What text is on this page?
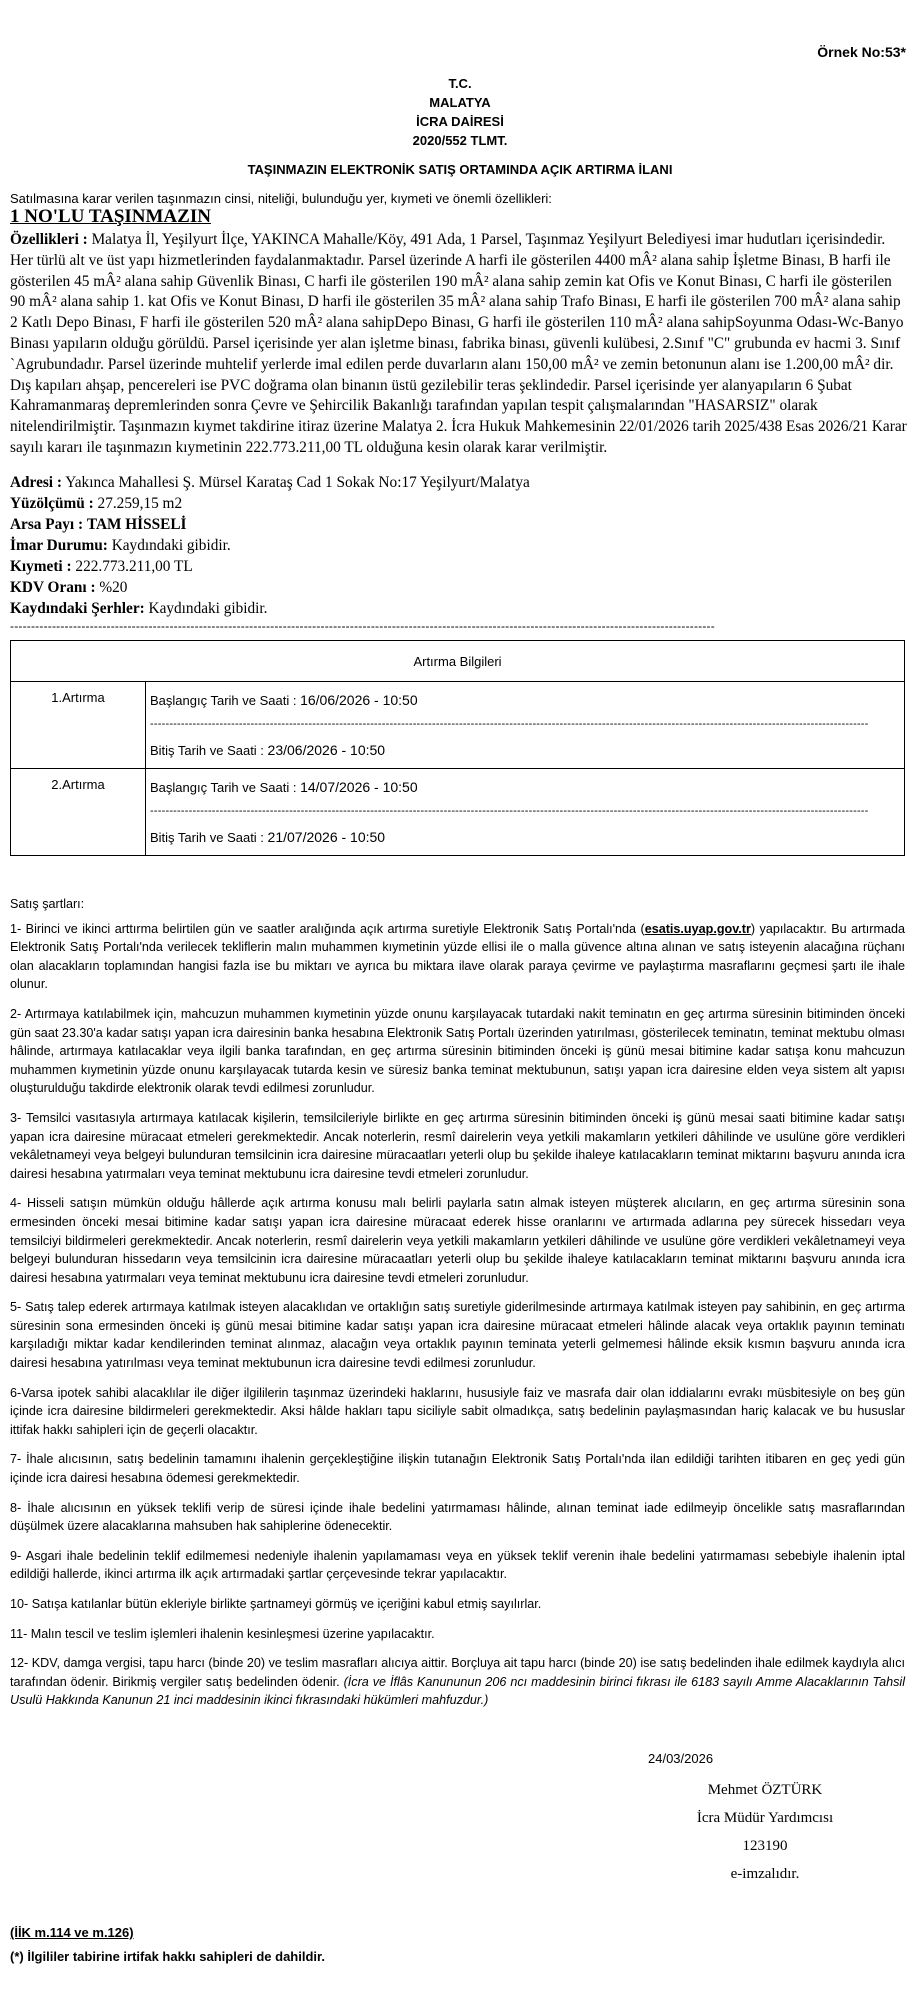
Örnek No:53*
T.C.
MALATYA
İCRA DAİRESİ
2020/552 TLMT.
TAŞINMAZIN ELEKTRONİK SATIŞ ORTAMINDA AÇIK ARTIRMA İLANI
Satılmasına karar verilen taşınmazın cinsi, niteliği, bulunduğu yer, kıymeti ve önemli özellikleri:
1 NO'LU TAŞINMAZIN
Özellikleri : Malatya İl, Yeşilyurt İlçe, YAKINCA Mahalle/Köy, 491 Ada, 1 Parsel, Taşınmaz Yeşilyurt Belediyesi imar hudutları içerisindedir. Her türlü alt ve üst yapı hizmetlerinden faydalanmaktadır. Parsel üzerinde A harfi ile gösterilen 4400 mÂ² alana sahip İşletme Binası, B harfi ile gösterilen 45 mÂ² alana sahip Güvenlik Binası, C harfi ile gösterilen 190 mÂ² alana sahip zemin kat Ofis ve Konut Binası, C harfi ile gösterilen 90 mÂ² alana sahip 1. kat Ofis ve Konut Binası, D harfi ile gösterilen 35 mÂ² alana sahip Trafo Binası, E harfi ile gösterilen 700 mÂ² alana sahip 2 Katlı Depo Binası, F harfi ile gösterilen 520 mÂ² alana sahipDepo Binası, G harfi ile gösterilen 110 mÂ² alana sahipSoyunma Odası-Wc-Banyo Binası yapıların olduğu görüldü. Parsel içerisinde yer alan işletme binası, fabrika binası, güvenli kulübesi, 2.Sınıf "C" grubunda ev hacmi 3. Sınıf `Agrubundadır. Parsel üzerinde muhtelif yerlerde imal edilen perde duvarların alanı 150,00 mÂ² ve zemin betonunun alanı ise 1.200,00 mÂ² dir. Dış kapıları ahşap, pencereleri ise PVC doğrama olan binanın üstü gezilebilir teras şeklindedir. Parsel içerisinde yer alanyapıların 6 Şubat Kahramanmaraş depremlerinden sonra Çevre ve Şehircilik Bakanlığı tarafından yapılan tespit çalışmalarından "HASARSIZ" olarak nitelendirilmiştir. Taşınmazın kıymet takdirine itiraz üzerine Malatya 2. İcra Hukuk Mahkemesinin 22/01/2026 tarih 2025/438 Esas 2026/21 Karar sayılı kararı ile taşınmazın kıymetinin 222.773.211,00 TL olduğuna kesin olarak karar verilmiştir.
Adresi : Yakınca Mahallesi Ş. Mürsel Karataş Cad 1 Sokak No:17 Yeşilyurt/Malatya
Yüzölçümü : 27.259,15 m2
Arsa Payı : TAM HİSSELİ
İmar Durumu: Kaydındaki gibidir.
Kıymeti : 222.773.211,00 TL
KDV Oranı : %20
Kaydındaki Şerhler: Kaydındaki gibidir.
------------------------------------------------------------------------------------------------------------------------------------------------------------------------
Artırma Bilgileri	
1.Artırma	Başlangıç Tarih ve Saati : 16/06/2026 - 10:50
------------------------------------------------------------------------------------------------------------------------------------------------------------------------------------------
Bitiş Tarih ve Saati : 23/06/2026 - 10:50

2.Artırma	Başlangıç Tarih ve Saati : 14/07/2026 - 10:50
------------------------------------------------------------------------------------------------------------------------------------------------------------------------------------------
Bitiş Tarih ve Saati : 21/07/2026 - 10:50
Satış şartları:

1- Birinci ve ikinci arttırma belirtilen gün ve saatler aralığında açık artırma suretiyle Elektronik Satış Portalı'nda (esatis.uyap.gov.tr) yapılacaktır. Bu artırmada Elektronik Satış Portalı'nda verilecek tekliflerin malın muhammen kıymetinin yüzde ellisi ile o malla güvence altına alınan ve satış isteyenin alacağına rüçhanı olan alacakların toplamından hangisi fazla ise bu miktarı ve ayrıca bu miktara ilave olarak paraya çevirme ve paylaştırma masraflarını geçmesi şartı ile ihale olunur.

2- Artırmaya katılabilmek için, mahcuzun muhammen kıymetinin yüzde onunu karşılayacak tutardaki nakit teminatın en geç artırma süresinin bitiminden önceki gün saat 23.30'a kadar satışı yapan icra dairesinin banka hesabına Elektronik Satış Portalı üzerinden yatırılması, gösterilecek teminatın, teminat mektubu olması hâlinde, artırmaya katılacaklar veya ilgili banka tarafından, en geç artırma süresinin bitiminden önceki iş günü mesai bitimine kadar satışa konu mahcuzun muhammen kıymetinin yüzde onunu karşılayacak tutarda kesin ve süresiz banka teminat mektubunun, satışı yapan icra dairesine elden veya sistem alt yapısı oluşturulduğu takdirde elektronik olarak tevdi edilmesi zorunludur.

3- Temsilci vasıtasıyla artırmaya katılacak kişilerin, temsilcileriyle birlikte en geç artırma süresinin bitiminden önceki iş günü mesai saati bitimine kadar satışı yapan icra dairesine müracaat etmeleri gerekmektedir. Ancak noterlerin, resmî dairelerin veya yetkili makamların yetkileri dâhilinde ve usulüne göre verdikleri vekâletnameyi veya belgeyi bulunduran temsilcinin icra dairesine müracaatları yeterli olup bu şekilde ihaleye katılacakların teminat miktarını başvuru anında icra dairesi hesabına yatırmaları veya teminat mektubunu icra dairesine tevdi etmeleri zorunludur.

4- Hisseli satışın mümkün olduğu hâllerde açık artırma konusu malı belirli paylarla satın almak isteyen müşterek alıcıların, en geç artırma süresinin sona ermesinden önceki mesai bitimine kadar satışı yapan icra dairesine müracaat ederek hisse oranlarını ve artırmada adlarına pey sürecek hissedarı veya temsilciyi bildirmeleri gerekmektedir. Ancak noterlerin, resmî dairelerin veya yetkili makamların yetkileri dâhilinde ve usulüne göre verdikleri vekâletnameyi veya belgeyi bulunduran hissedarın veya temsilcinin icra dairesine müracaatları yeterli olup bu şekilde ihaleye katılacakların teminat miktarını başvuru anında icra dairesi hesabına yatırmaları veya teminat mektubunu icra dairesine tevdi etmeleri zorunludur.

5- Satış talep ederek artırmaya katılmak isteyen alacaklıdan ve ortaklığın satış suretiyle giderilmesinde artırmaya katılmak isteyen pay sahibinin, en geç artırma süresinin sona ermesinden önceki iş günü mesai bitimine kadar satışı yapan icra dairesine müracaat etmeleri hâlinde alacak veya ortaklık payının teminatı karşıladığı miktar kadar kendilerinden teminat alınmaz, alacağın veya ortaklık payının teminata yeterli gelmemesi hâlinde eksik kısmın başvuru anında icra dairesi hesabına yatırılması veya teminat mektubunun icra dairesine tevdi edilmesi zorunludur.

6-Varsa ipotek sahibi alacaklılar ile diğer ilgililerin taşınmaz üzerindeki haklarını, hususiyle faiz ve masrafa dair olan iddialarını evrakı müsbitesiyle on beş gün içinde icra dairesine bildirmeleri gerekmektedir. Aksi hâlde hakları tapu siciliyle sabit olmadıkça, satış bedelinin paylaşmasından hariç kalacak ve bu hususlar ittifak hakkı sahipleri için de geçerli olacaktır.

7- İhale alıcısının, satış bedelinin tamamını ihalenin gerçekleştiğine ilişkin tutanağın Elektronik Satış Portalı'nda ilan edildiği tarihten itibaren en geç yedi gün içinde icra dairesi hesabına ödemesi gerekmektedir.

8- İhale alıcısının en yüksek teklifi verip de süresi içinde ihale bedelini yatırmaması hâlinde, alınan teminat iade edilmeyip öncelikle satış masraflarından düşülmek üzere alacaklarına mahsuben hak sahiplerine ödenecektir.

9- Asgari ihale bedelinin teklif edilmemesi nedeniyle ihalenin yapılamaması veya en yüksek teklif verenin ihale bedelini yatırmaması sebebiyle ihalenin iptal edildiği hallerde, ikinci artırma ilk açık artırmadaki şartlar çerçevesinde tekrar yapılacaktır.

10- Satışa katılanlar bütün ekleriyle birlikte şartnameyi görmüş ve içeriğini kabul etmiş sayılırlar.

11- Malın tescil ve teslim işlemleri ihalenin kesinleşmesi üzerine yapılacaktır.

12- KDV, damga vergisi, tapu harcı (binde 20) ve teslim masrafları alıcıya aittir. Borçluya ait tapu harcı (binde 20) ise satış bedelinden ihale edilmek kaydıyla alıcı tarafından ödenir. Birikmiş vergiler satış bedelinden ödenir. (İcra ve İflâs Kanununun 206 ncı maddesinin birinci fıkrası ile 6183 sayılı Amme Alacaklarının Tahsil Usulü Hakkında Kanunun 21 inci maddesinin ikinci fıkrasındaki hükümleri mahfuzdur.)

24/03/2026
Mehmet ÖZTÜRK
İcra Müdür Yardımcısı
123190
e-imzalıdır.
(İİK m.114 ve m.126)
(*) İlgililer tabirine irtifak hakkı sahipleri de dahildir.
